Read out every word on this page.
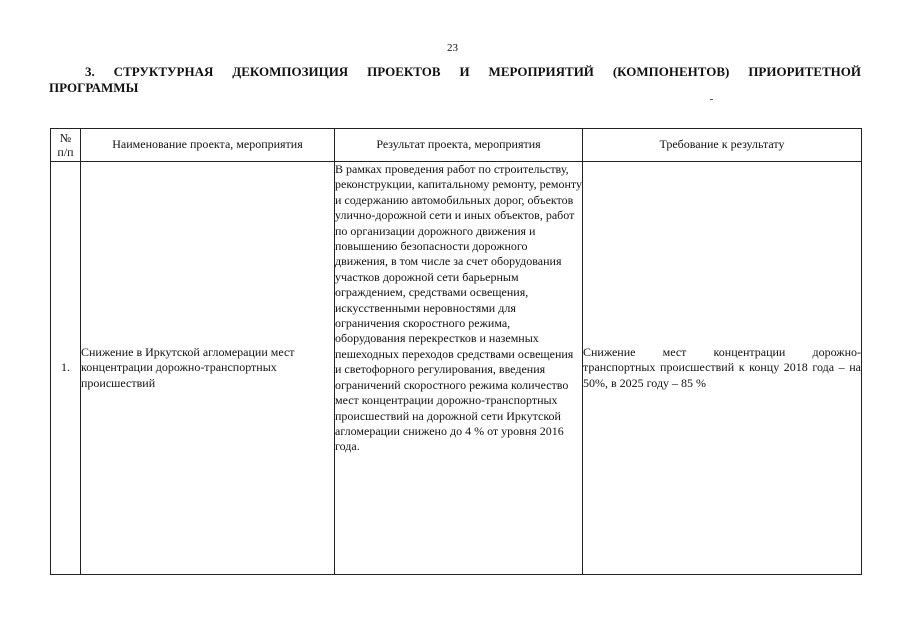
23
3. СТРУКТУРНАЯ ДЕКОМПОЗИЦИЯ ПРОЕКТОВ И МЕРОПРИЯТИЙ (КОМПОНЕНТОВ) ПРИОРИТЕТНОЙ ПРОГРАММЫ
№
п/п	Наименование проекта, мероприятия	Результат проекта, мероприятия	Требование к результату
1.	Снижение в Иркутской агломерации мест концентрации дорожно-транспортных происшествий	В рамках проведения работ по строительству, реконструкции, капитальному ремонту, ремонту и содержанию автомобильных дорог, объектов улично-дорожной сети и иных объектов, работ по организации дорожного движения и повышению безопасности дорожного движения, в том числе за счет оборудования участков дорожной сети барьерным ограждением, средствами освещения, искусственными неровностями для ограничения скоростного режима, оборудования перекрестков и наземных пешеходных переходов средствами освещения и светофорного регулирования, введения ограничений скоростного режима количество мест концентрации дорожно-транспортных происшествий на дорожной сети Иркутской агломерации снижено до 4 % от уровня 2016 года.	Снижение мест концентрации дорожно-транспортных происшествий к концу 2018 года – на 50%, в 2025 году – 85 %
